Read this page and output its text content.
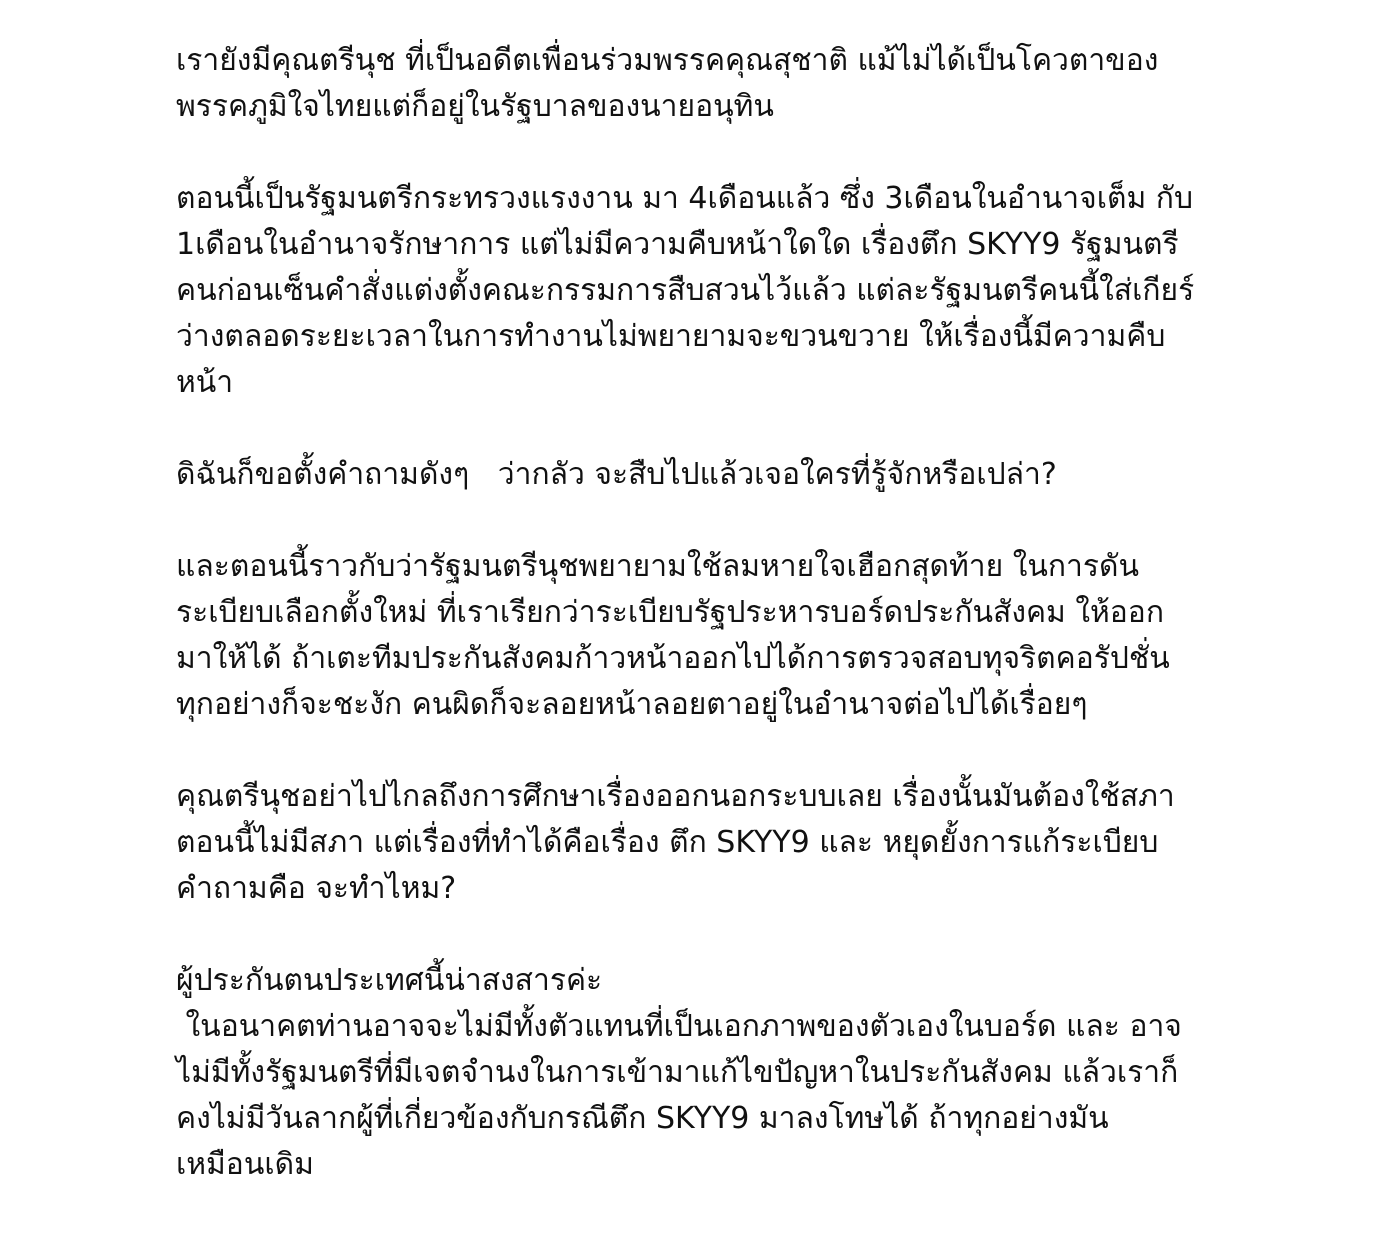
เรายังมีคุณตรีนุช ที่เป็นอดีตเพื่อนร่วมพรรคคุณสุชาติ แม้ไม่ได้เป็นโควตาของ
พรรคภูมิใจไทยแต่ก็อยู่ในรัฐบาลของนายอนุทิน

ตอนนี้เป็นรัฐมนตรีกระทรวงแรงงาน มา 4เดือนแล้ว ซึ่ง 3เดือนในอำนาจเต็ม กับ
1เดือนในอำนาจรักษาการ แต่ไม่มีความคืบหน้าใดใด เรื่องตึก SKYY9 รัฐมนตรี
คนก่อนเซ็นคำสั่งแต่งตั้งคณะกรรมการสืบสวนไว้แล้ว แต่ละรัฐมนตรีคนนี้ใส่เกียร์
ว่างตลอดระยะเวลาในการทำงานไม่พยายามจะขวนขวาย ให้เรื่องนี้มีความคืบ
หน้า

ดิฉันก็ขอตั้งคำถามดังๆ   ว่ากลัว จะสืบไปแล้วเจอใครที่รู้จักหรือเปล่า?

และตอนนี้ราวกับว่ารัฐมนตรีนุชพยายามใช้ลมหายใจเฮือกสุดท้าย ในการดัน
ระเบียบเลือกตั้งใหม่ ที่เราเรียกว่าระเบียบรัฐประหารบอร์ดประกันสังคม ให้ออก
มาให้ได้ ถ้าเตะทีมประกันสังคมก้าวหน้าออกไปได้การตรวจสอบทุจริตคอรัปชั่น
ทุกอย่างก็จะชะงัก คนผิดก็จะลอยหน้าลอยตาอยู่ในอำนาจต่อไปได้เรื่อยๆ

คุณตรีนุชอย่าไปไกลถึงการศึกษาเรื่องออกนอกระบบเลย เรื่องนั้นมันต้องใช้สภา
ตอนนี้ไม่มีสภา แต่เรื่องที่ทำได้คือเรื่อง ตึก SKYY9 และ หยุดยั้งการแก้ระเบียบ
คำถามคือ จะทำไหม?

ผู้ประกันตนประเทศนี้น่าสงสารค่ะ
ในอนาคตท่านอาจจะไม่มีทั้งตัวแทนที่เป็นเอกภาพของตัวเองในบอร์ด และ อาจ
ไม่มีทั้งรัฐมนตรีที่มีเจตจำนงในการเข้ามาแก้ไขปัญหาในประกันสังคม แล้วเราก็
คงไม่มีวันลากผู้ที่เกี่ยวข้องกับกรณีตึก SKYY9 มาลงโทษได้ ถ้าทุกอย่างมัน
เหมือนเดิม
